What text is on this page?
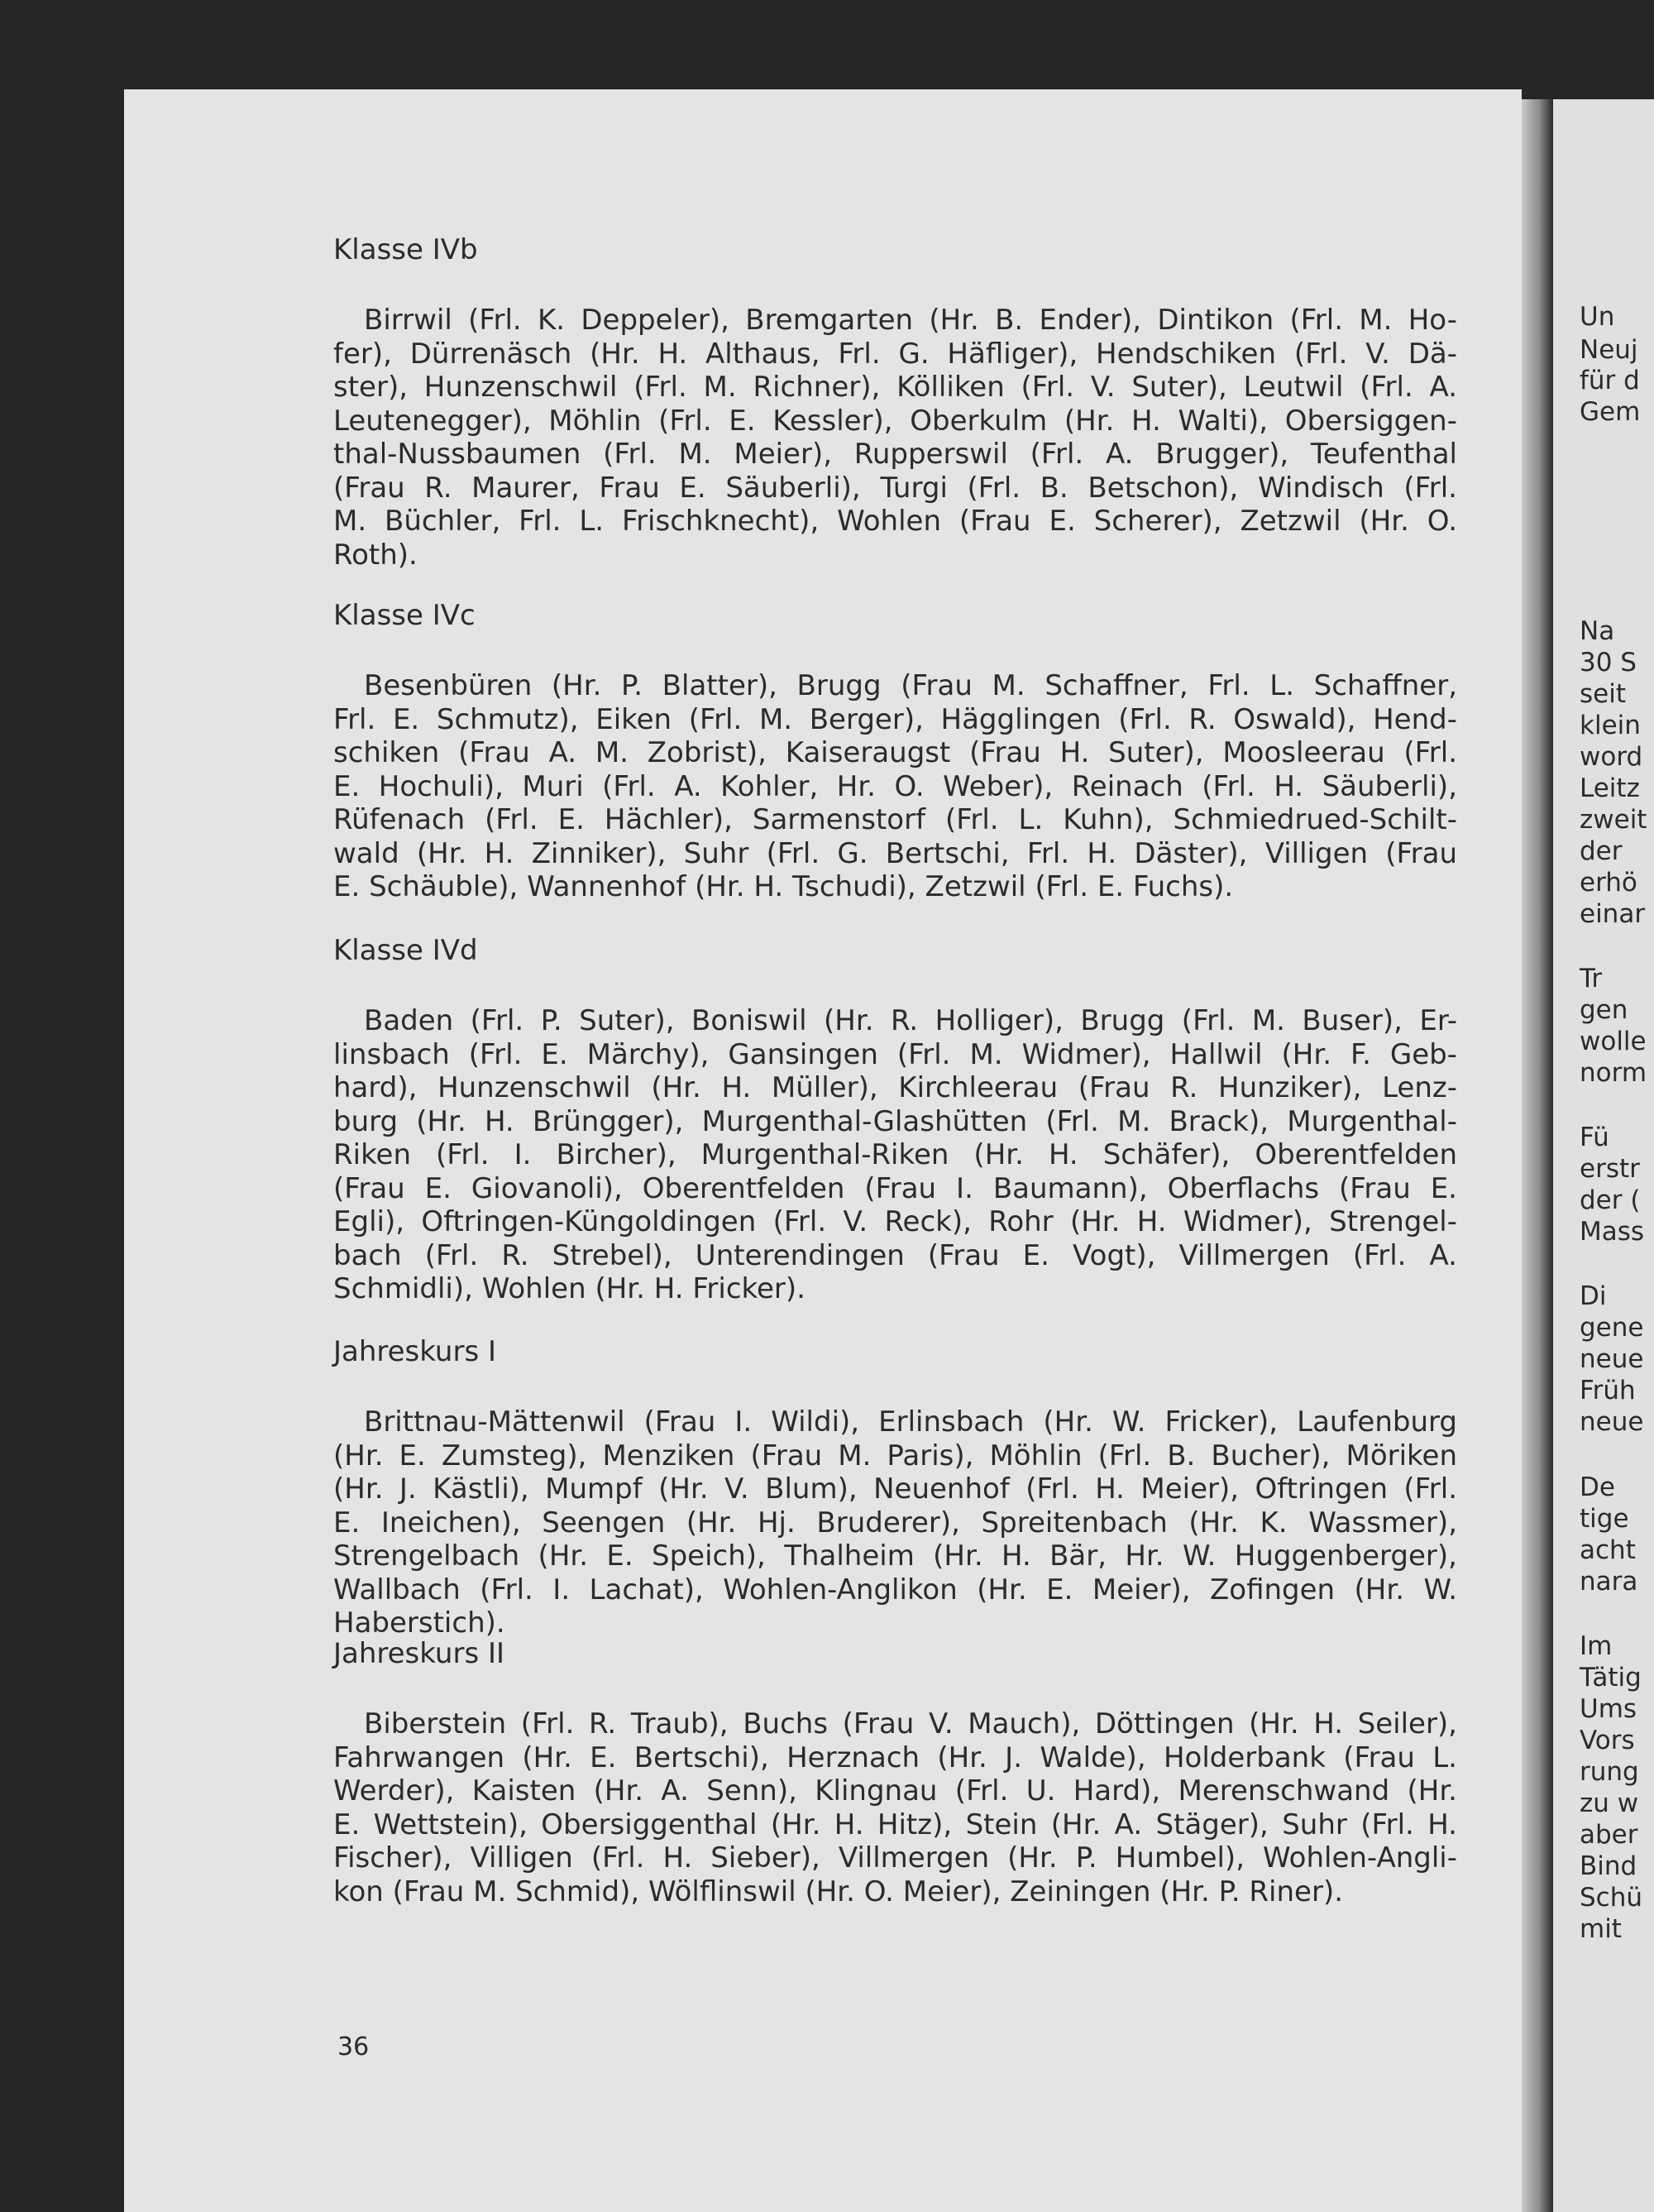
Un
Neuj
für d
Gem
Na
30 S
seit
klein
word
Leitz
zweit
der
erhö
einar
Tr
gen
wolle
norm
Fü
erstr
der (
Mass
Di
gene
neue
Früh
neue
De
tige
acht
nara
Im
Tätig
Ums
Vors
rung
zu w
aber
Bind
Schü
mit
Klasse IVb
Birrwil (Frl. K. Deppeler), Bremgarten (Hr. B. Ender), Dintikon (Frl. M. Ho-
fer), Dürrenäsch (Hr. H. Althaus, Frl. G. Häfliger), Hendschiken (Frl. V. Dä-
ster), Hunzenschwil (Frl. M. Richner), Kölliken (Frl. V. Suter), Leutwil (Frl. A.
Leutenegger), Möhlin (Frl. E. Kessler), Oberkulm (Hr. H. Walti), Obersiggen-
thal-Nussbaumen (Frl. M. Meier), Rupperswil (Frl. A. Brugger), Teufenthal
(Frau R. Maurer, Frau E. Säuberli), Turgi (Frl. B. Betschon), Windisch (Frl.
M. Büchler, Frl. L. Frischknecht), Wohlen (Frau E. Scherer), Zetzwil (Hr. O.
Roth).
Klasse IVc
Besenbüren (Hr. P. Blatter), Brugg (Frau M. Schaffner, Frl. L. Schaffner,
Frl. E. Schmutz), Eiken (Frl. M. Berger), Hägglingen (Frl. R. Oswald), Hend-
schiken (Frau A. M. Zobrist), Kaiseraugst (Frau H. Suter), Moosleerau (Frl.
E. Hochuli), Muri (Frl. A. Kohler, Hr. O. Weber), Reinach (Frl. H. Säuberli),
Rüfenach (Frl. E. Hächler), Sarmenstorf (Frl. L. Kuhn), Schmiedrued-Schilt-
wald (Hr. H. Zinniker), Suhr (Frl. G. Bertschi, Frl. H. Däster), Villigen (Frau
E. Schäuble), Wannenhof (Hr. H. Tschudi), Zetzwil (Frl. E. Fuchs).
Klasse IVd
Baden (Frl. P. Suter), Boniswil (Hr. R. Holliger), Brugg (Frl. M. Buser), Er-
linsbach (Frl. E. Märchy), Gansingen (Frl. M. Widmer), Hallwil (Hr. F. Geb-
hard), Hunzenschwil (Hr. H. Müller), Kirchleerau (Frau R. Hunziker), Lenz-
burg (Hr. H. Brüngger), Murgenthal-Glashütten (Frl. M. Brack), Murgenthal-
Riken (Frl. I. Bircher), Murgenthal-Riken (Hr. H. Schäfer), Oberentfelden
(Frau E. Giovanoli), Oberentfelden (Frau I. Baumann), Oberflachs (Frau E.
Egli), Oftringen-Küngoldingen (Frl. V. Reck), Rohr (Hr. H. Widmer), Strengel-
bach (Frl. R. Strebel), Unterendingen (Frau E. Vogt), Villmergen (Frl. A.
Schmidli), Wohlen (Hr. H. Fricker).
Jahreskurs I
Brittnau-Mättenwil (Frau I. Wildi), Erlinsbach (Hr. W. Fricker), Laufenburg
(Hr. E. Zumsteg), Menziken (Frau M. Paris), Möhlin (Frl. B. Bucher), Möriken
(Hr. J. Kästli), Mumpf (Hr. V. Blum), Neuenhof (Frl. H. Meier), Oftringen (Frl.
E. Ineichen), Seengen (Hr. Hj. Bruderer), Spreitenbach (Hr. K. Wassmer),
Strengelbach (Hr. E. Speich), Thalheim (Hr. H. Bär, Hr. W. Huggenberger),
Wallbach (Frl. I. Lachat), Wohlen-Anglikon (Hr. E. Meier), Zofingen (Hr. W.
Haberstich).
Jahreskurs II
Biberstein (Frl. R. Traub), Buchs (Frau V. Mauch), Döttingen (Hr. H. Seiler),
Fahrwangen (Hr. E. Bertschi), Herznach (Hr. J. Walde), Holderbank (Frau L.
Werder), Kaisten (Hr. A. Senn), Klingnau (Frl. U. Hard), Merenschwand (Hr.
E. Wettstein), Obersiggenthal (Hr. H. Hitz), Stein (Hr. A. Stäger), Suhr (Frl. H.
Fischer), Villigen (Frl. H. Sieber), Villmergen (Hr. P. Humbel), Wohlen-Angli-
kon (Frau M. Schmid), Wölflinswil (Hr. O. Meier), Zeiningen (Hr. P. Riner).
36
